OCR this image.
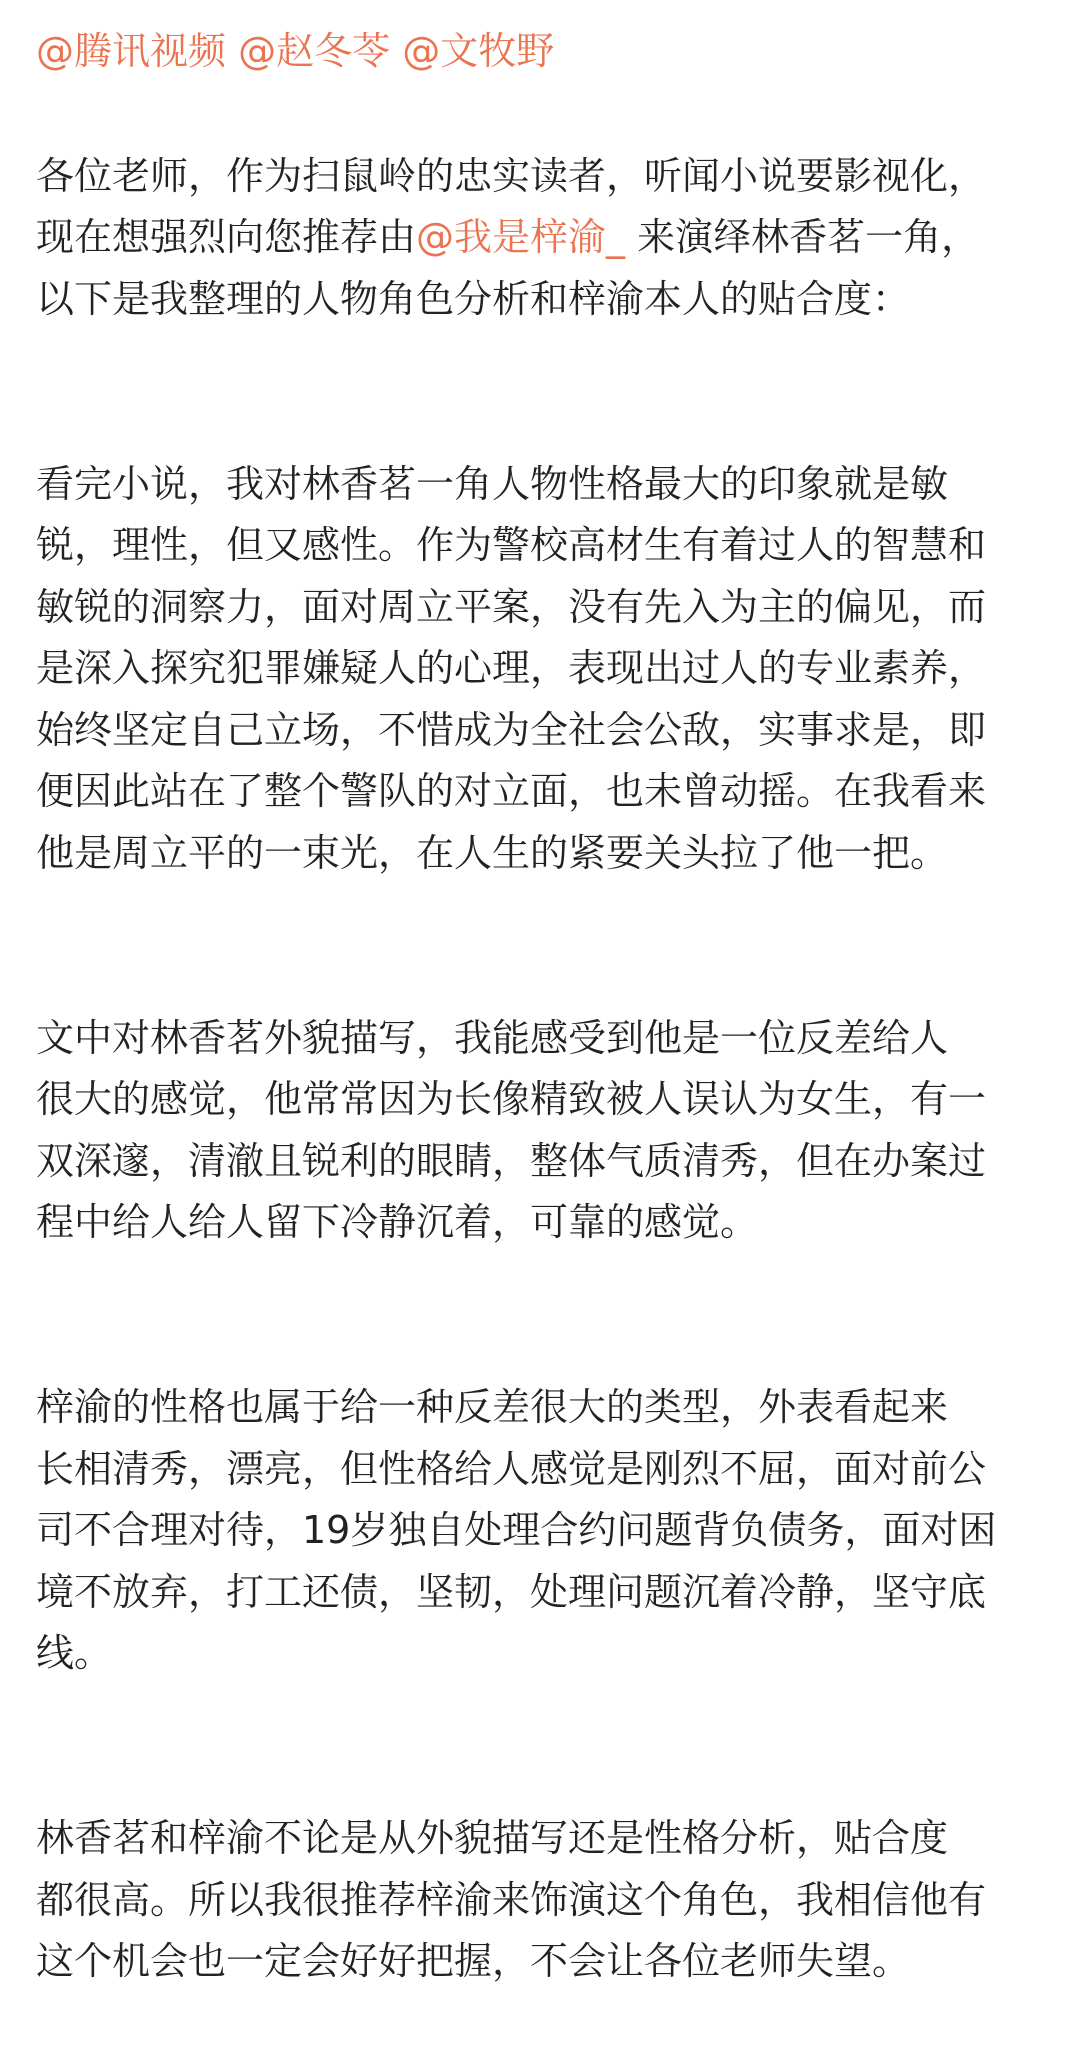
@腾讯视频 @赵冬苓 @文牧野

各位老师，作为扫鼠岭的忠实读者，听闻小说要影视化，
现在想强烈向您推荐由@我是梓渝_ 来演绎林香茗一角，
以下是我整理的人物角色分析和梓渝本人的贴合度：

看完小说，我对林香茗一角人物性格最大的印象就是敏
锐，理性，但又感性。作为警校高材生有着过人的智慧和
敏锐的洞察力，面对周立平案，没有先入为主的偏见，而
是深入探究犯罪嫌疑人的心理，表现出过人的专业素养，
始终坚定自己立场，不惜成为全社会公敌，实事求是，即
便因此站在了整个警队的对立面，也未曾动摇。在我看来
他是周立平的一束光，在人生的紧要关头拉了他一把。

文中对林香茗外貌描写，我能感受到他是一位反差给人
很大的感觉，他常常因为长像精致被人误认为女生，有一
双深邃，清澈且锐利的眼睛，整体气质清秀，但在办案过
程中给人给人留下冷静沉着，可靠的感觉。

梓渝的性格也属于给一种反差很大的类型，外表看起来
长相清秀，漂亮，但性格给人感觉是刚烈不屈，面对前公
司不合理对待，19岁独自处理合约问题背负债务，面对困
境不放弃，打工还债，坚韧，处理问题沉着冷静，坚守底
线。

林香茗和梓渝不论是从外貌描写还是性格分析，贴合度
都很高。所以我很推荐梓渝来饰演这个角色，我相信他有
这个机会也一定会好好把握，不会让各位老师失望。
